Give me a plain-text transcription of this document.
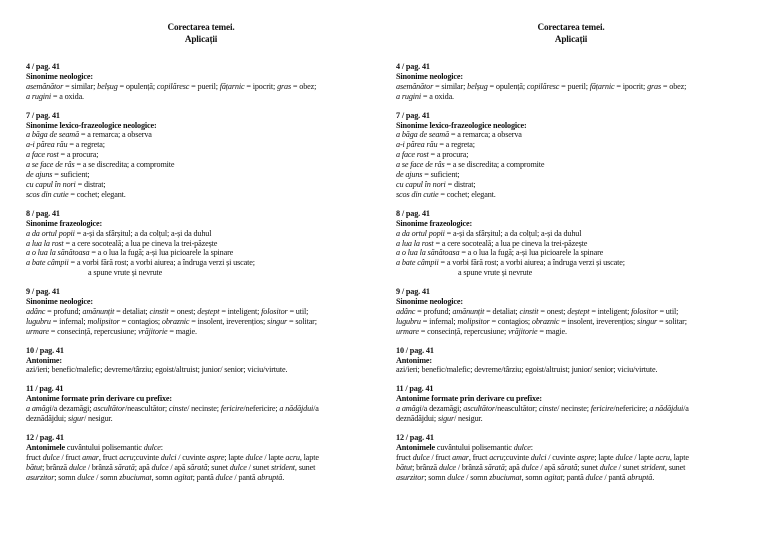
Corectarea temei.

Aplicații

4 / pag. 41

Sinonime neologice:

asemănător = similar; belșug = opulență; copilăresc = pueril; fățarnic = ipocrit; gras = obez;

a rugini = a oxida.

7 / pag. 41

Sinonime lexico-frazeologice neologice:

a băga de seamă = a remarca; a observa

a-i părea rău = a regreta;

a face rost = a procura;

a se face de râs = a se discredita; a compromite

de ajuns = suficient;

cu capul în nori = distrat;

scos din cutie = cochet; elegant.

8 / pag. 41

Sinonime frazeologice:

a da ortul popii = a-și da sfârșitul; a da colțul; a-și da duhul

a lua la rost = a cere socoteală; a lua pe cineva la trei-păzește

a o lua la sănătoasa = a o lua la fugă; a-și lua picioarele la spinare

a bate câmpii = a vorbi fără rost; a vorbi aiurea; a îndruga verzi și uscate;

a spune vrute și nevrute

9 / pag. 41

Sinonime neologice:

adânc = profund; amănunțit = detaliat; cinstit = onest; deștept = inteligent; folositor = util;

lugubru = infernal; molipsitor = contagios; obraznic = insolent, ireverențios; singur = solitar;

urmare = consecință, repercusiune; vrăjitorie = magie.

10 / pag. 41

Antonime:

azi/ieri; benefic/malefic; devreme/târziu; egoist/altruist; junior/ senior; viciu/virtute.

11 / pag. 41

Antonime formate prin derivare cu prefixe:

a amăgi/a dezamăgi; ascultător/neascultător; cinste/ necinste; fericire/nefericire; a nădăjdui/a

deznădăjdui; sigur/ nesigur.

12 / pag. 41

Antonimele cuvântului polisemantic dulce:

fruct dulce / fruct amar, fruct acru;cuvinte dulci / cuvinte aspre; lapte dulce / lapte acru, lapte

bătut; brânză dulce / brânză sărată; apă dulce / apă sărată; sunet dulce / sunet strident, sunet

asurzitor; somn dulce / somn zbuciumat, somn agitat; pantă dulce / pantă abruptă.

Corectarea temei.

Aplicații

4 / pag. 41

Sinonime neologice:

asemănător = similar; belșug = opulență; copilăresc = pueril; fățarnic = ipocrit; gras = obez;

a rugini = a oxida.

7 / pag. 41

Sinonime lexico-frazeologice neologice:

a băga de seamă = a remarca; a observa

a-i părea rău = a regreta;

a face rost = a procura;

a se face de râs = a se discredita; a compromite

de ajuns = suficient;

cu capul în nori = distrat;

scos din cutie = cochet; elegant.

8 / pag. 41

Sinonime frazeologice:

a da ortul popii = a-și da sfârșitul; a da colțul; a-și da duhul

a lua la rost = a cere socoteală; a lua pe cineva la trei-păzește

a o lua la sănătoasa = a o lua la fugă; a-și lua picioarele la spinare

a bate câmpii = a vorbi fără rost; a vorbi aiurea; a îndruga verzi și uscate;

a spune vrute și nevrute

9 / pag. 41

Sinonime neologice:

adânc = profund; amănunțit = detaliat; cinstit = onest; deștept = inteligent; folositor = util;

lugubru = infernal; molipsitor = contagios; obraznic = insolent, ireverențios; singur = solitar;

urmare = consecință, repercusiune; vrăjitorie = magie.

10 / pag. 41

Antonime:

azi/ieri; benefic/malefic; devreme/târziu; egoist/altruist; junior/ senior; viciu/virtute.

11 / pag. 41

Antonime formate prin derivare cu prefixe:

a amăgi/a dezamăgi; ascultător/neascultător; cinste/ necinste; fericire/nefericire; a nădăjdui/a

deznădăjdui; sigur/ nesigur.

12 / pag. 41

Antonimele cuvântului polisemantic dulce:

fruct dulce / fruct amar, fruct acru;cuvinte dulci / cuvinte aspre; lapte dulce / lapte acru, lapte

bătut; brânză dulce / brânză sărată; apă dulce / apă sărată; sunet dulce / sunet strident, sunet

asurzitor; somn dulce / somn zbuciumat, somn agitat; pantă dulce / pantă abruptă.
